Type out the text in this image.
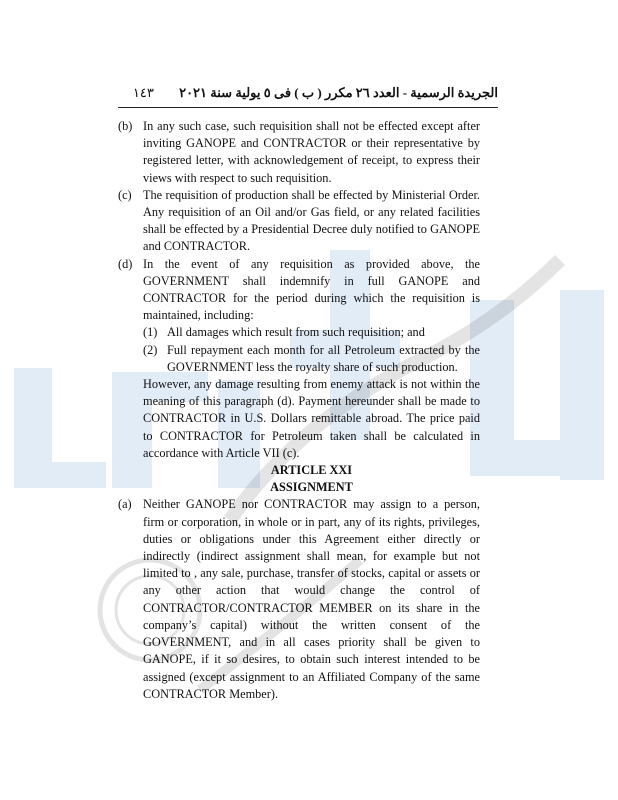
الجريدة الرسمية - العدد ٢٦ مكرر ( ب ) فى ٥ يولية سنة ٢٠٢١ ١٤٣
(b) In any such case, such requisition shall not be effected except after inviting GANOPE and CONTRACTOR or their representative by registered letter, with acknowledgement of receipt, to express their views with respect to such requisition.
(c) The requisition of production shall be effected by Ministerial Order. Any requisition of an Oil and/or Gas field, or any related facilities shall be effected by a Presidential Decree duly notified to GANOPE and CONTRACTOR.
(d) In the event of any requisition as provided above, the GOVERNMENT shall indemnify in full GANOPE and CONTRACTOR for the period during which the requisition is maintained, including:

(1) All damages which result from such requisition; and
(2) Full repayment each month for all Petroleum extracted by the GOVERNMENT less the royalty share of such production.

However, any damage resulting from enemy attack is not within the meaning of this paragraph (d). Payment hereunder shall be made to CONTRACTOR in U.S. Dollars remittable abroad. The price paid to CONTRACTOR for Petroleum taken shall be calculated in accordance with Article VII (c).

ARTICLE XXI

ASSIGNMENT

(a) Neither GANOPE nor CONTRACTOR may assign to a person, firm or corporation, in whole or in part, any of its rights, privileges, duties or obligations under this Agreement either directly or indirectly (indirect assignment shall mean, for example but not limited to , any sale, purchase, transfer of stocks, capital or assets or any other action that would change the control of CONTRACTOR/CONTRACTOR MEMBER on its share in the company’s capital) without the written consent of the GOVERNMENT, and in all cases priority shall be given to GANOPE, if it so desires, to obtain such interest intended to be assigned (except assignment to an Affiliated Company of the same CONTRACTOR Member).
